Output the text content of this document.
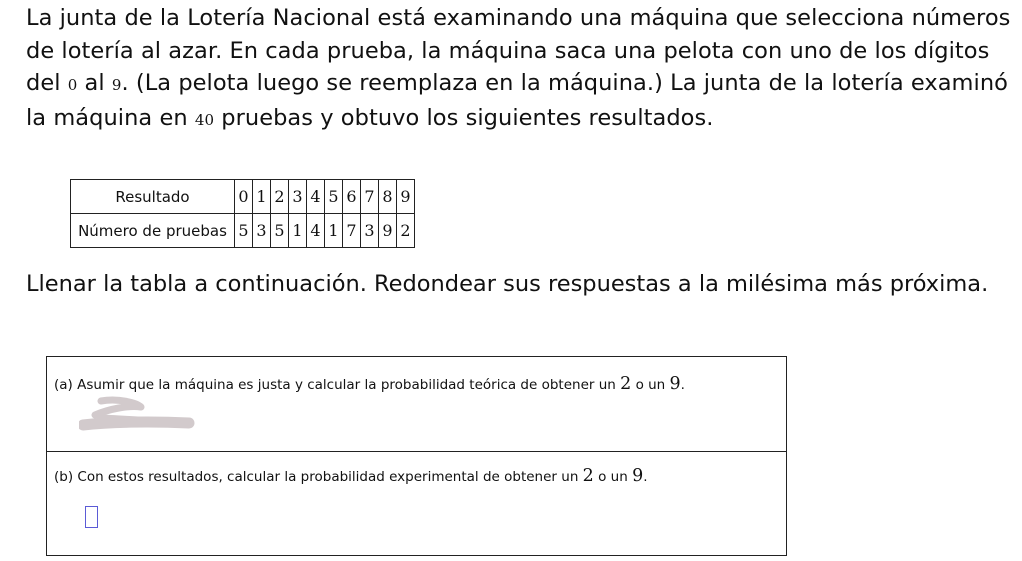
La junta de la Lotería Nacional está examinando una máquina que selecciona números de lotería al azar. En cada prueba, la máquina saca una pelota con uno de los dígitos del 0 al 9. (La pelota luego se reemplaza en la máquina.) La junta de la lotería examinó la máquina en 40 pruebas y obtuvo los siguientes resultados.
Resultado	0	1	2	3	4	5	6	7	8	9
Número de pruebas	5	3	5	1	4	1	7	3	9	2
Llenar la tabla a continuación. Redondear sus respuestas a la milésima más próxima.
(a) Asumir que la máquina es justa y calcular la probabilidad teórica de obtener un 2 o un 9.
(b) Con estos resultados, calcular la probabilidad experimental de obtener un 2 o un 9.
